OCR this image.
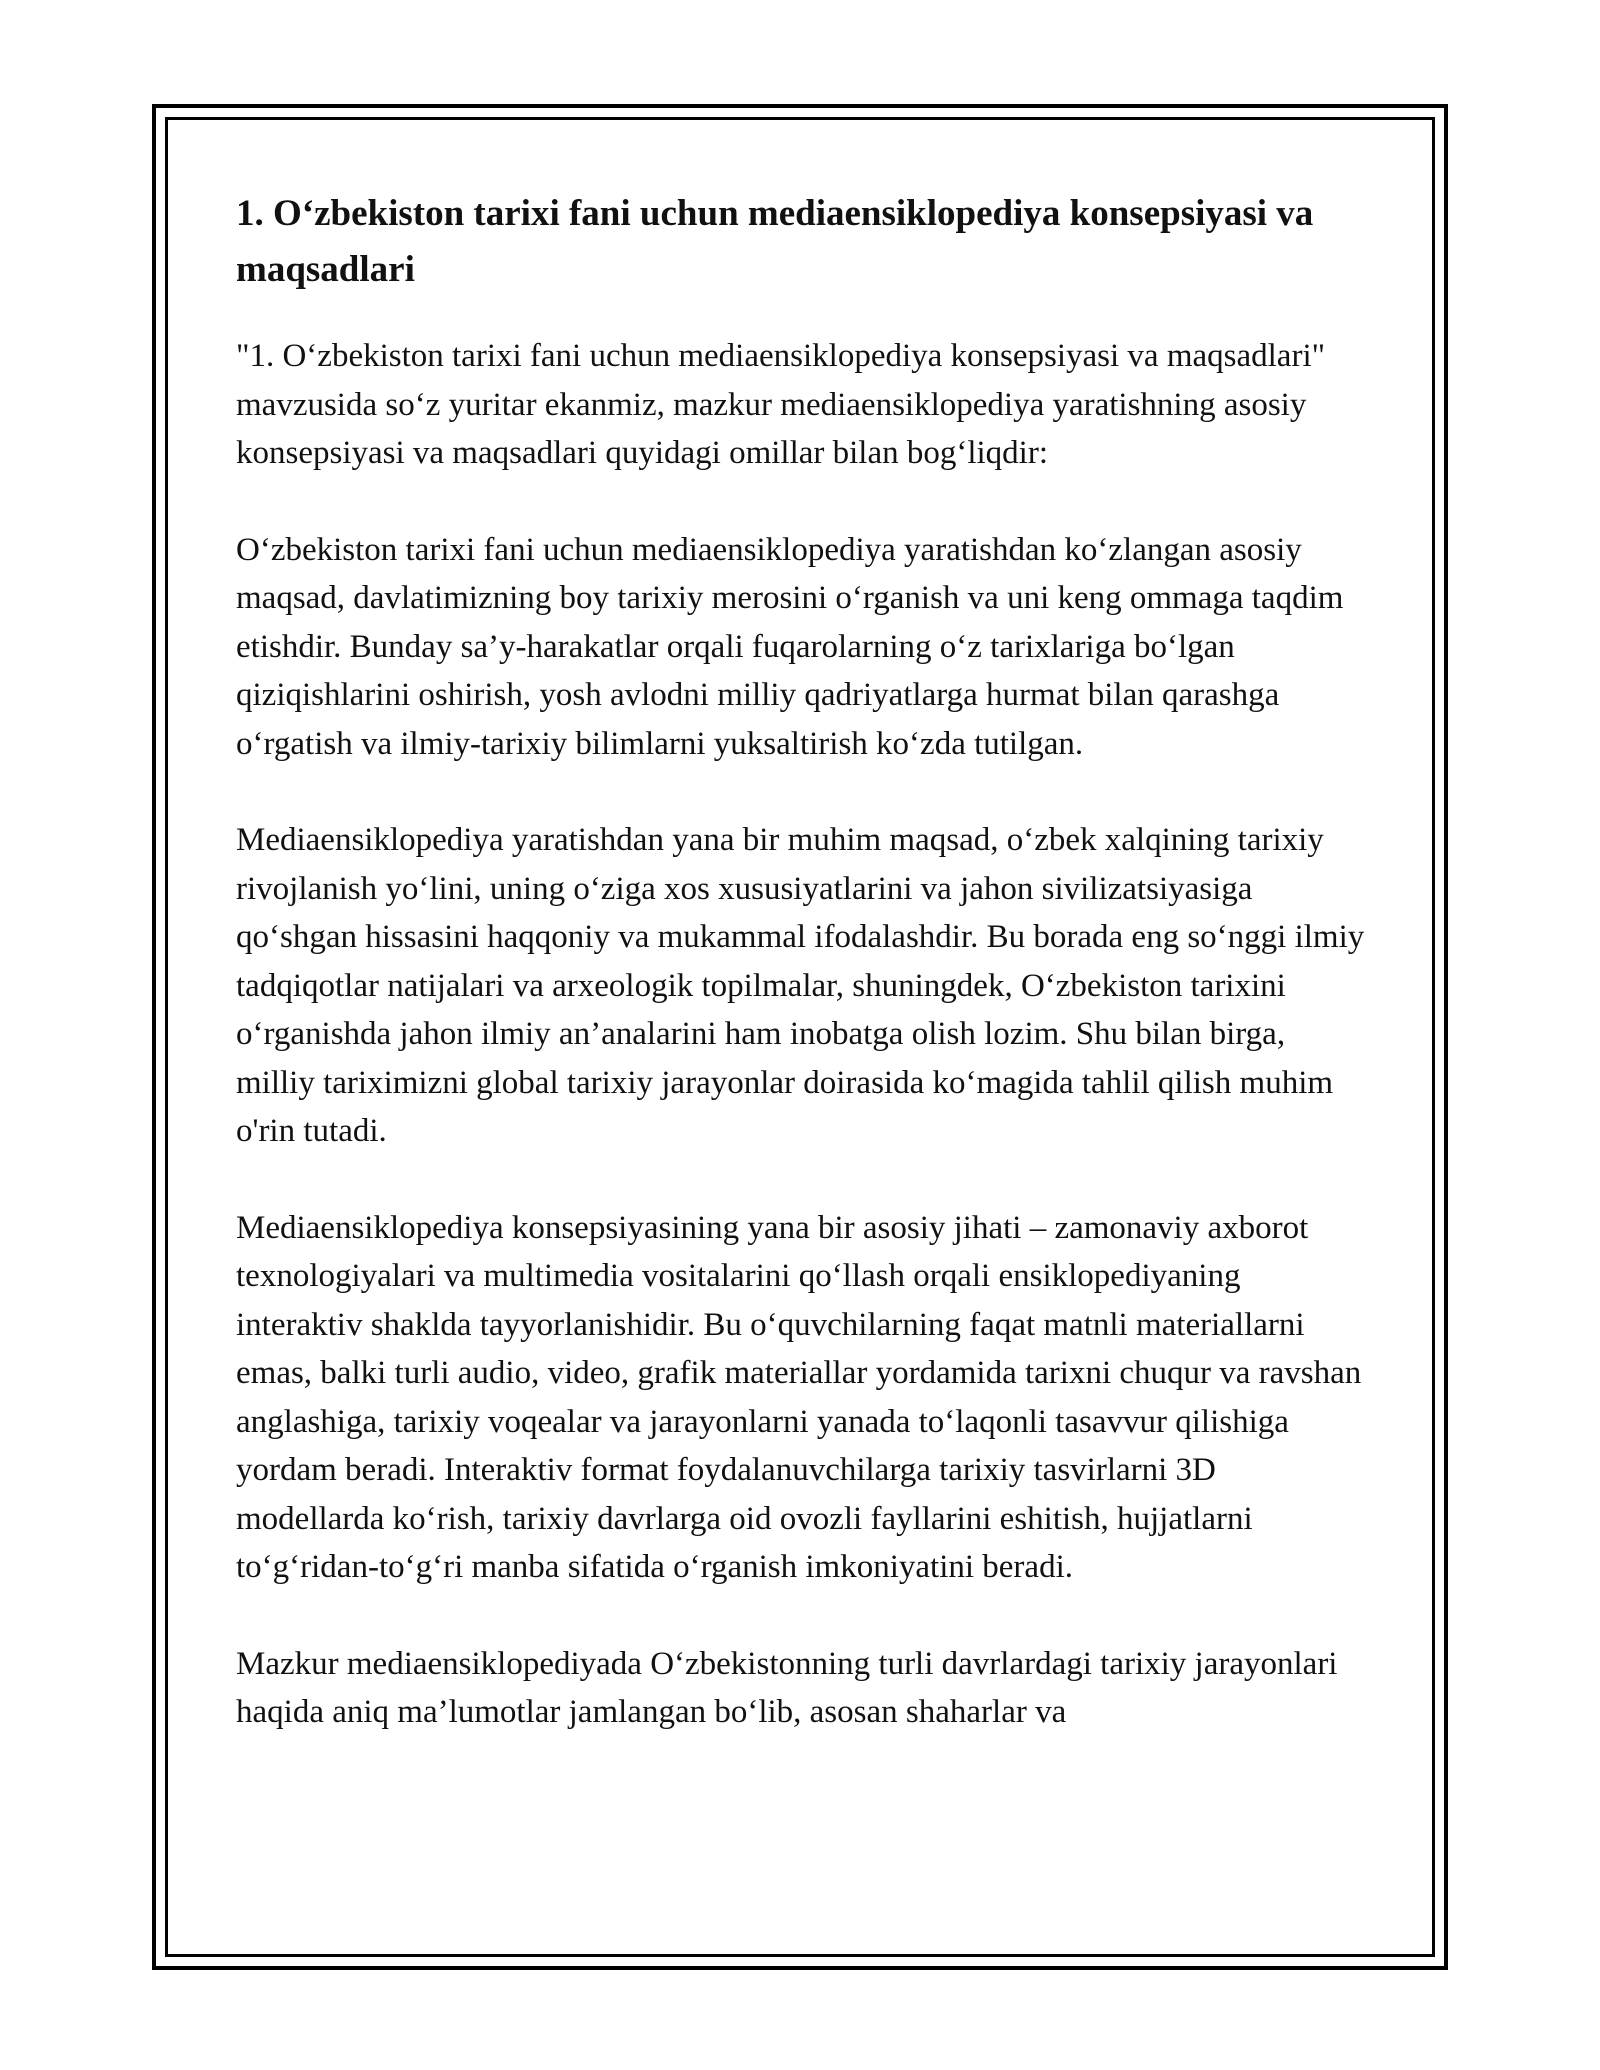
1. O‘zbekiston tarixi fani uchun mediaensiklopediya konsepsiyasi va maqsadlari

"1. O‘zbekiston tarixi fani uchun mediaensiklopediya konsepsiyasi va maqsadlari" mavzusida so‘z yuritar ekanmiz, mazkur mediaensiklopediya yaratishning asosiy konsepsiyasi va maqsadlari quyidagi omillar bilan bog‘liqdir:

O‘zbekiston tarixi fani uchun mediaensiklopediya yaratishdan ko‘zlangan asosiy maqsad, davlatimizning boy tarixiy merosini o‘rganish va uni keng ommaga taqdim etishdir. Bunday sa’y-harakatlar orqali fuqarolarning o‘z tarixlariga bo‘lgan qiziqishlarini oshirish, yosh avlodni milliy qadriyatlarga hurmat bilan qarashga o‘rgatish va ilmiy-tarixiy bilimlarni yuksaltirish ko‘zda tutilgan.

Mediaensiklopediya yaratishdan yana bir muhim maqsad, o‘zbek xalqining tarixiy rivojlanish yo‘lini, uning o‘ziga xos xususiyatlarini va jahon sivilizatsiyasiga qo‘shgan hissasini haqqoniy va mukammal ifodalashdir. Bu borada eng so‘nggi ilmiy tadqiqotlar natijalari va arxeologik topilmalar, shuningdek, O‘zbekiston tarixini o‘rganishda jahon ilmiy an’analarini ham inobatga olish lozim. Shu bilan birga, milliy tariximizni global tarixiy jarayonlar doirasida ko‘magida tahlil qilish muhim o'rin tutadi.

Mediaensiklopediya konsepsiyasining yana bir asosiy jihati – zamonaviy axborot texnologiyalari va multimedia vositalarini qo‘llash orqali ensiklopediyaning interaktiv shaklda tayyorlanishidir. Bu o‘quvchilarning faqat matnli materiallarni emas, balki turli audio, video, grafik materiallar yordamida tarixni chuqur va ravshan anglashiga, tarixiy voqealar va jarayonlarni yanada to‘laqonli tasavvur qilishiga yordam beradi. Interaktiv format foydalanuvchilarga tarixiy tasvirlarni 3D modellarda ko‘rish, tarixiy davrlarga oid ovozli fayllarini eshitish, hujjatlarni to‘g‘ridan-to‘g‘ri manba sifatida o‘rganish imkoniyatini beradi.

Mazkur mediaensiklopediyada O‘zbekistonning turli davrlardagi tarixiy jarayonlari haqida aniq ma’lumotlar jamlangan bo‘lib, asosan shaharlar va
